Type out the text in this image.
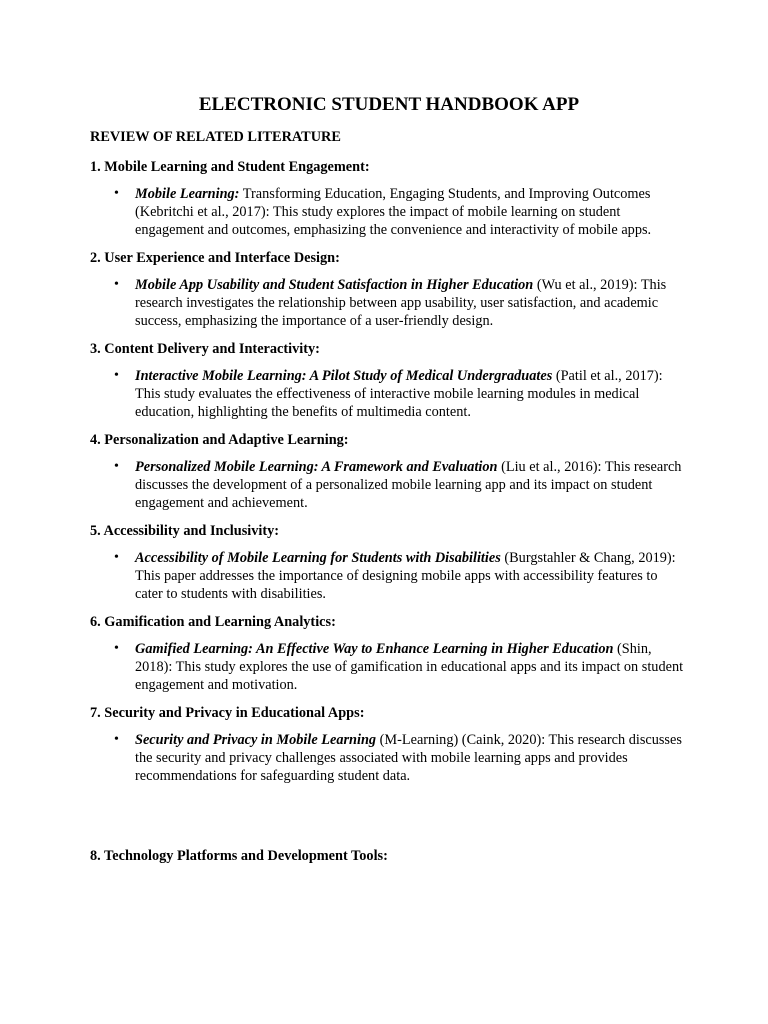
ELECTRONIC STUDENT HANDBOOK APP
REVIEW OF RELATED LITERATURE
1. Mobile Learning and Student Engagement:
• Mobile Learning: Transforming Education, Engaging Students, and Improving Outcomes (Kebritchi et al., 2017): This study explores the impact of mobile learning on student engagement and outcomes, emphasizing the convenience and interactivity of mobile apps.
2. User Experience and Interface Design:
• Mobile App Usability and Student Satisfaction in Higher Education (Wu et al., 2019): This research investigates the relationship between app usability, user satisfaction, and academic success, emphasizing the importance of a user-friendly design.
3. Content Delivery and Interactivity:
• Interactive Mobile Learning: A Pilot Study of Medical Undergraduates (Patil et al., 2017): This study evaluates the effectiveness of interactive mobile learning modules in medical education, highlighting the benefits of multimedia content.
4. Personalization and Adaptive Learning:
• Personalized Mobile Learning: A Framework and Evaluation (Liu et al., 2016): This research discusses the development of a personalized mobile learning app and its impact on student engagement and achievement.
5. Accessibility and Inclusivity:
• Accessibility of Mobile Learning for Students with Disabilities (Burgstahler & Chang, 2019): This paper addresses the importance of designing mobile apps with accessibility features to cater to students with disabilities.
6. Gamification and Learning Analytics:
• Gamified Learning: An Effective Way to Enhance Learning in Higher Education (Shin, 2018): This study explores the use of gamification in educational apps and its impact on student engagement and motivation.
7. Security and Privacy in Educational Apps:
• Security and Privacy in Mobile Learning (M-Learning) (Caink, 2020): This research discusses the security and privacy challenges associated with mobile learning apps and provides recommendations for safeguarding student data.
8. Technology Platforms and Development Tools:
